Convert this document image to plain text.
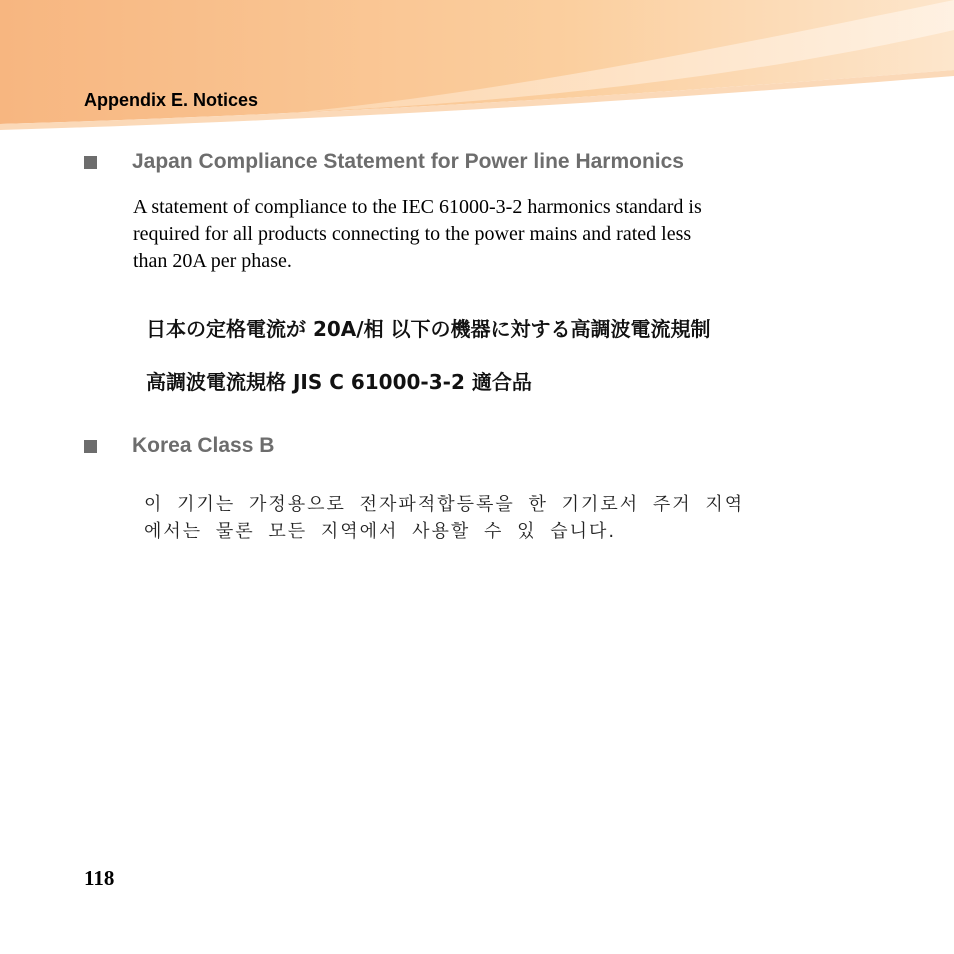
Appendix E. Notices
Japan Compliance Statement for Power line Harmonics
A statement of compliance to the IEC 61000-3-2 harmonics standard is
required for all products connecting to the power mains and rated less
than 20A per phase.
日本の定格電流が 20A/相 以下の機器に対する高調波電流規制
高調波電流規格 JIS C 61000-3-2 適合品
Korea Class B
이 기기는 가정용으로 전자파적합등록을 한 기기로서 주거 지역
에서는 물론 모든 지역에서 사용할 수 있 습니다.
118
